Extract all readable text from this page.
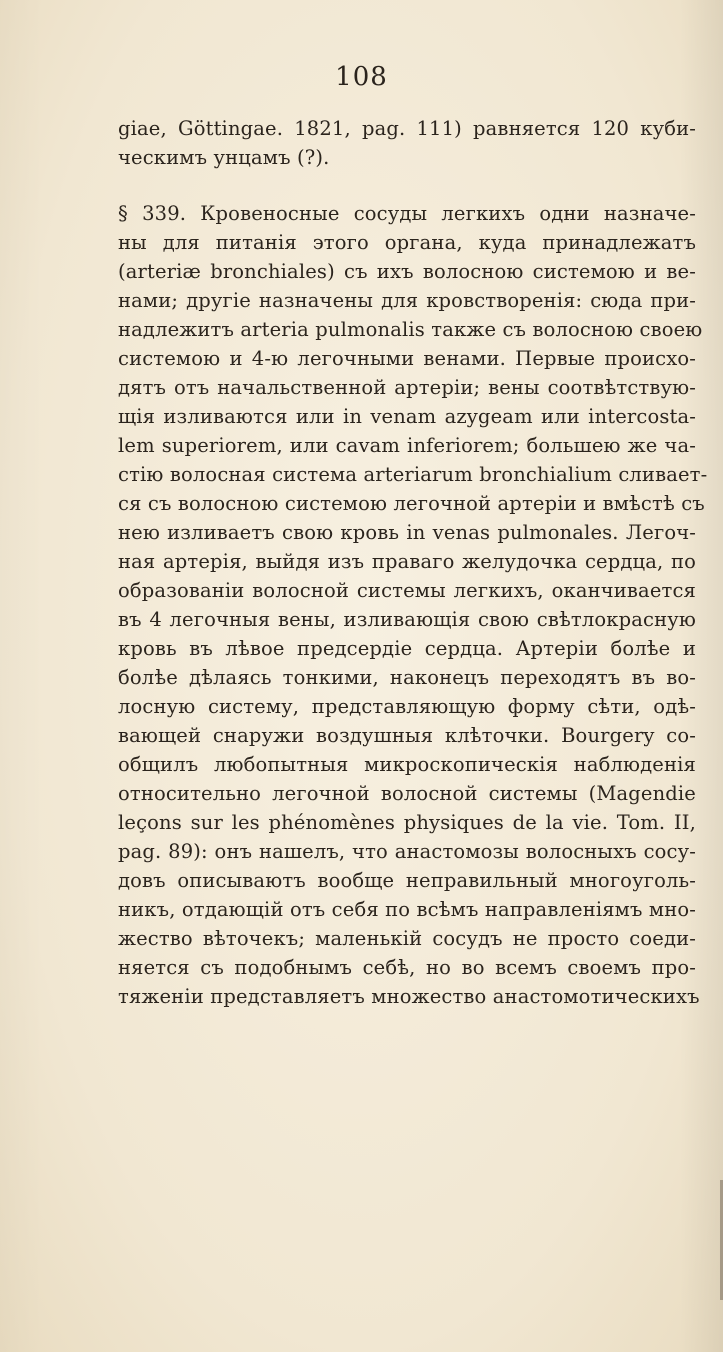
108
giae, Göttingae. 1821, pag. 111) равняется 120 куби-
ческимъ унцамъ (?).
§ 339. Кровеносные сосуды легкихъ одни назначе-
ны для питанія этого органа, куда принадлежатъ
(arteriæ bronchiales) съ ихъ волосною системою и ве-
нами; другіе назначены для кровстворенія: сюда при-
надлежитъ arteria pulmonalis также съ волосною своею
системою и 4-ю легочными венами. Первые происхо-
дятъ отъ начальственной артеріи; вены соотвѣтствую-
щія изливаются или in venam azygeam или intercosta-
lem superiorem, или cavam inferiorem; большею же ча-
стію волосная система arteriarum bronchialium сливает-
ся съ волосною системою легочной артеріи и вмѣстѣ съ
нею изливаетъ свою кровь in venas pulmonales. Легоч-
ная артерія, выйдя изъ праваго желудочка сердца, по
образованіи волосной системы легкихъ, оканчивается
въ 4 легочныя вены, изливающія свою свѣтлокрасную
кровь въ лѣвое предсердіе сердца. Артеріи болѣе и
болѣе дѣлаясь тонкими, наконецъ переходятъ въ во-
лосную систему, представляющую форму сѣти, одѣ-
вающей снаружи воздушныя клѣточки. Bourgery со-
общилъ любопытныя микроскопическія наблюденія
относительно легочной волосной системы (Magendie
leçons sur les phénomènes physiques de la vie. Tom. II,
pag. 89): онъ нашелъ, что анастомозы волосныхъ сосу-
довъ описываютъ вообще неправильный многоуголь-
никъ, отдающій отъ себя по всѣмъ направленіямъ мно-
жество вѣточекъ; маленькій сосудъ не просто соеди-
няется съ подобнымъ себѣ, но во всемъ своемъ про-
тяженіи представляетъ множество анастомотическихъ
